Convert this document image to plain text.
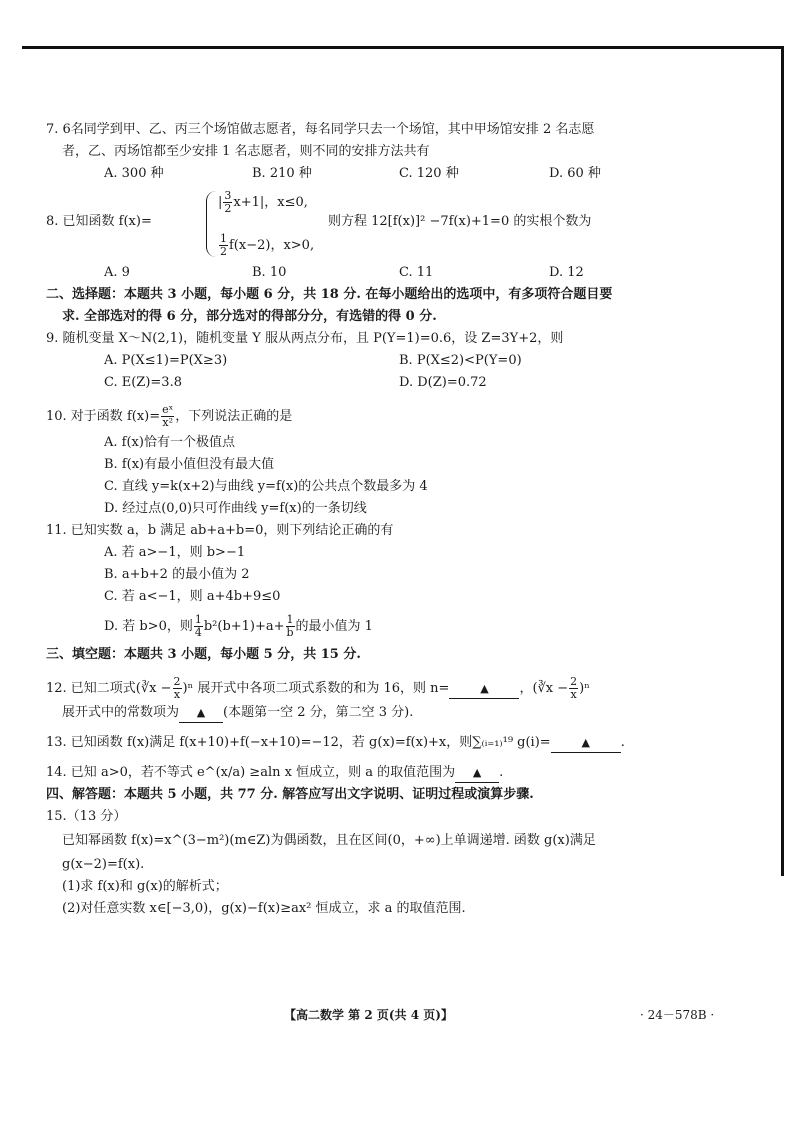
7. 6名同学到甲、乙、丙三个场馆做志愿者，每名同学只去一个场馆，其中甲场馆安排 2 名志愿
者，乙、丙场馆都至少安排 1 名志愿者，则不同的安排方法共有
A. 300 种	B. 210 种	C. 120 种	D. 60 种
8. 已知函数 f(x)=
| $\frac{3}{2} x+1|$，x≤0,
$\frac{1}{2} f(x-2)$，x>0,
则方程 12[f(x)]² −7f(x)+1=0 的实根个数为
A. 9	B. 10	C. 11	D. 12
二、选择题：本题共 3 小题，每小题 6 分，共 18 分. 在每小题给出的选项中，有多项符合题目要
求. 全部选对的得 6 分，部分选对的得部分分，有选错的得 0 分.
9. 随机变量 X～N(2,1)，随机变量 Y 服从两点分布，且 P(Y=1)=0.6，设 Z=3Y+2，则
A. P(X≤1)=P(X≥3)	B. P(X≤2)<P(Y=0)
C. E(Z)=3.8	D. D(Z)=0.72
10. 对于函数 $f(x)= \frac{\text{eˣ}}{\text{x²}}$ ，下列说法正确的是
A. f(x)恰有一个极值点
B. f(x)有最小值但没有最大值
C. 直线 y=k(x+2)与曲线 y=f(x)的公共点个数最多为 4
D. 经过点(0,0)只可作曲线 y=f(x)的一条切线
11. 已知实数 a，b 满足 ab+a+b=0，则下列结论正确的有
A. 若 a>−1，则 b>−1
B. a+b+2 的最小值为 2
C. 若 a<−1，则 a+4b+9≤0
D. 若 b>0，则 $\frac{1}{4} b^2(b+1)+a+ \frac{1}{b}$ 的最小值为 1
三、填空题：本题共 3 小题，每小题 5 分，共 15 分.
12. 已知二项式(∛x − $\frac{2}{x} )^n$ 展开式中各项二项式系数的和为 16，则 n=	▲ ，(∛x − $\frac{2}{x} )^n$
展开式中的常数项为 ▲ (本题第一空 2 分，第二空 3 分).
13. 已知函数 f(x)满足 f(x+10)+f(−x+10)=−12，若 g(x)=f(x)+x，则∑₍ᵢ₌₁₎¹⁹ g(i)=	▲ .
14. 已知 a>0，若不等式 e^(x/a) ≥aln x 恒成立，则 a 的取值范围为 ▲ .
四、解答题：本题共 5 小题，共 77 分. 解答应写出文字说明、证明过程或演算步骤.
15.（13 分）
已知幂函数 f(x)=x^(3−m²)(m∈Z)为偶函数，且在区间(0，+∞)上单调递增. 函数 g(x)满足
g(x−2)=f(x).
(1)求 f(x)和 g(x)的解析式；
(2)对任意实数 x∈[−3,0)，g(x)−f(x)≥ax² 恒成立，求 a 的取值范围.
【高二数学 第 2 页(共 4 页)】	· 24－578B ·
